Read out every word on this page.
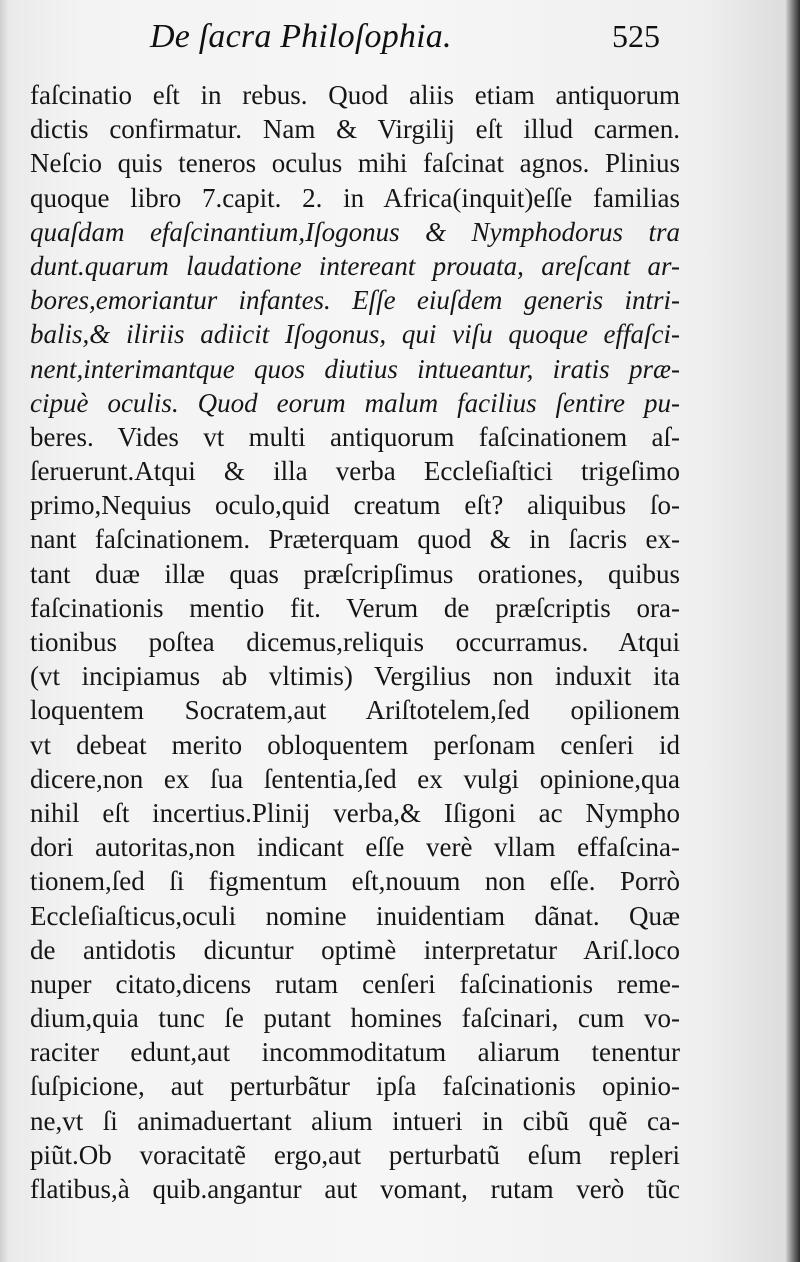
De ſacra Philoſophia.	525
faſcinatio eſt in rebus. Quod aliis etiam antiquorum
dictis confirmatur. Nam & Virgilij eſt illud carmen.
Neſcio quis teneros oculus mihi faſcinat agnos. Plinius
quoque libro 7.capit. 2. in Africa(inquit)eſſe familias
quaſdam efaſcinantium,Iſogonus & Nymphodorus tra
dunt.quarum laudatione intereant prouata, areſcant ar-
bores,emoriantur infantes. Eſſe eiuſdem generis intri-
balis,& iliriis adiicit Iſogonus, qui viſu quoque effaſci-
nent,interimantque quos diutius intueantur, iratis præ-
cipuè oculis. Quod eorum malum facilius ſentire pu-
beres. Vides vt multi antiquorum faſcinationem aſ-
ſeruerunt.Atqui & illa verba Eccleſiaſtici trigeſimo
primo,Nequius oculo,quid creatum eſt? aliquibus ſo-
nant faſcinationem. Præterquam quod & in ſacris ex-
tant duæ illæ quas præſcripſimus orationes, quibus
faſcinationis mentio fit. Verum de præſcriptis ora-
tionibus poſtea dicemus,reliquis occurramus. Atqui
(vt incipiamus ab vltimis) Vergilius non induxit ita
loquentem Socratem,aut Ariſtotelem,ſed opilionem
vt debeat merito obloquentem perſonam cenſeri id
dicere,non ex ſua ſententia,ſed ex vulgi opinione,qua
nihil eſt incertius.Plinij verba,& Iſigoni ac Nympho
dori autoritas,non indicant eſſe verè vllam effaſcina-
tionem,ſed ſi figmentum eſt,nouum non eſſe. Porrò
Eccleſiaſticus,oculi nomine inuidentiam dãnat. Quæ
de antidotis dicuntur optimè interpretatur Ariſ.loco
nuper citato,dicens rutam cenſeri faſcinationis reme-
dium,quia tunc ſe putant homines faſcinari, cum vo-
raciter edunt,aut incommoditatum aliarum tenentur
ſuſpicione, aut perturbãtur ipſa faſcinationis opinio-
ne,vt ſi animaduertant alium intueri in cibũ quẽ ca-
piũt.Ob voracitatẽ ergo,aut perturbatũ eſum repleri
flatibus,à quib.angantur aut vomant, rutam verò tũc
